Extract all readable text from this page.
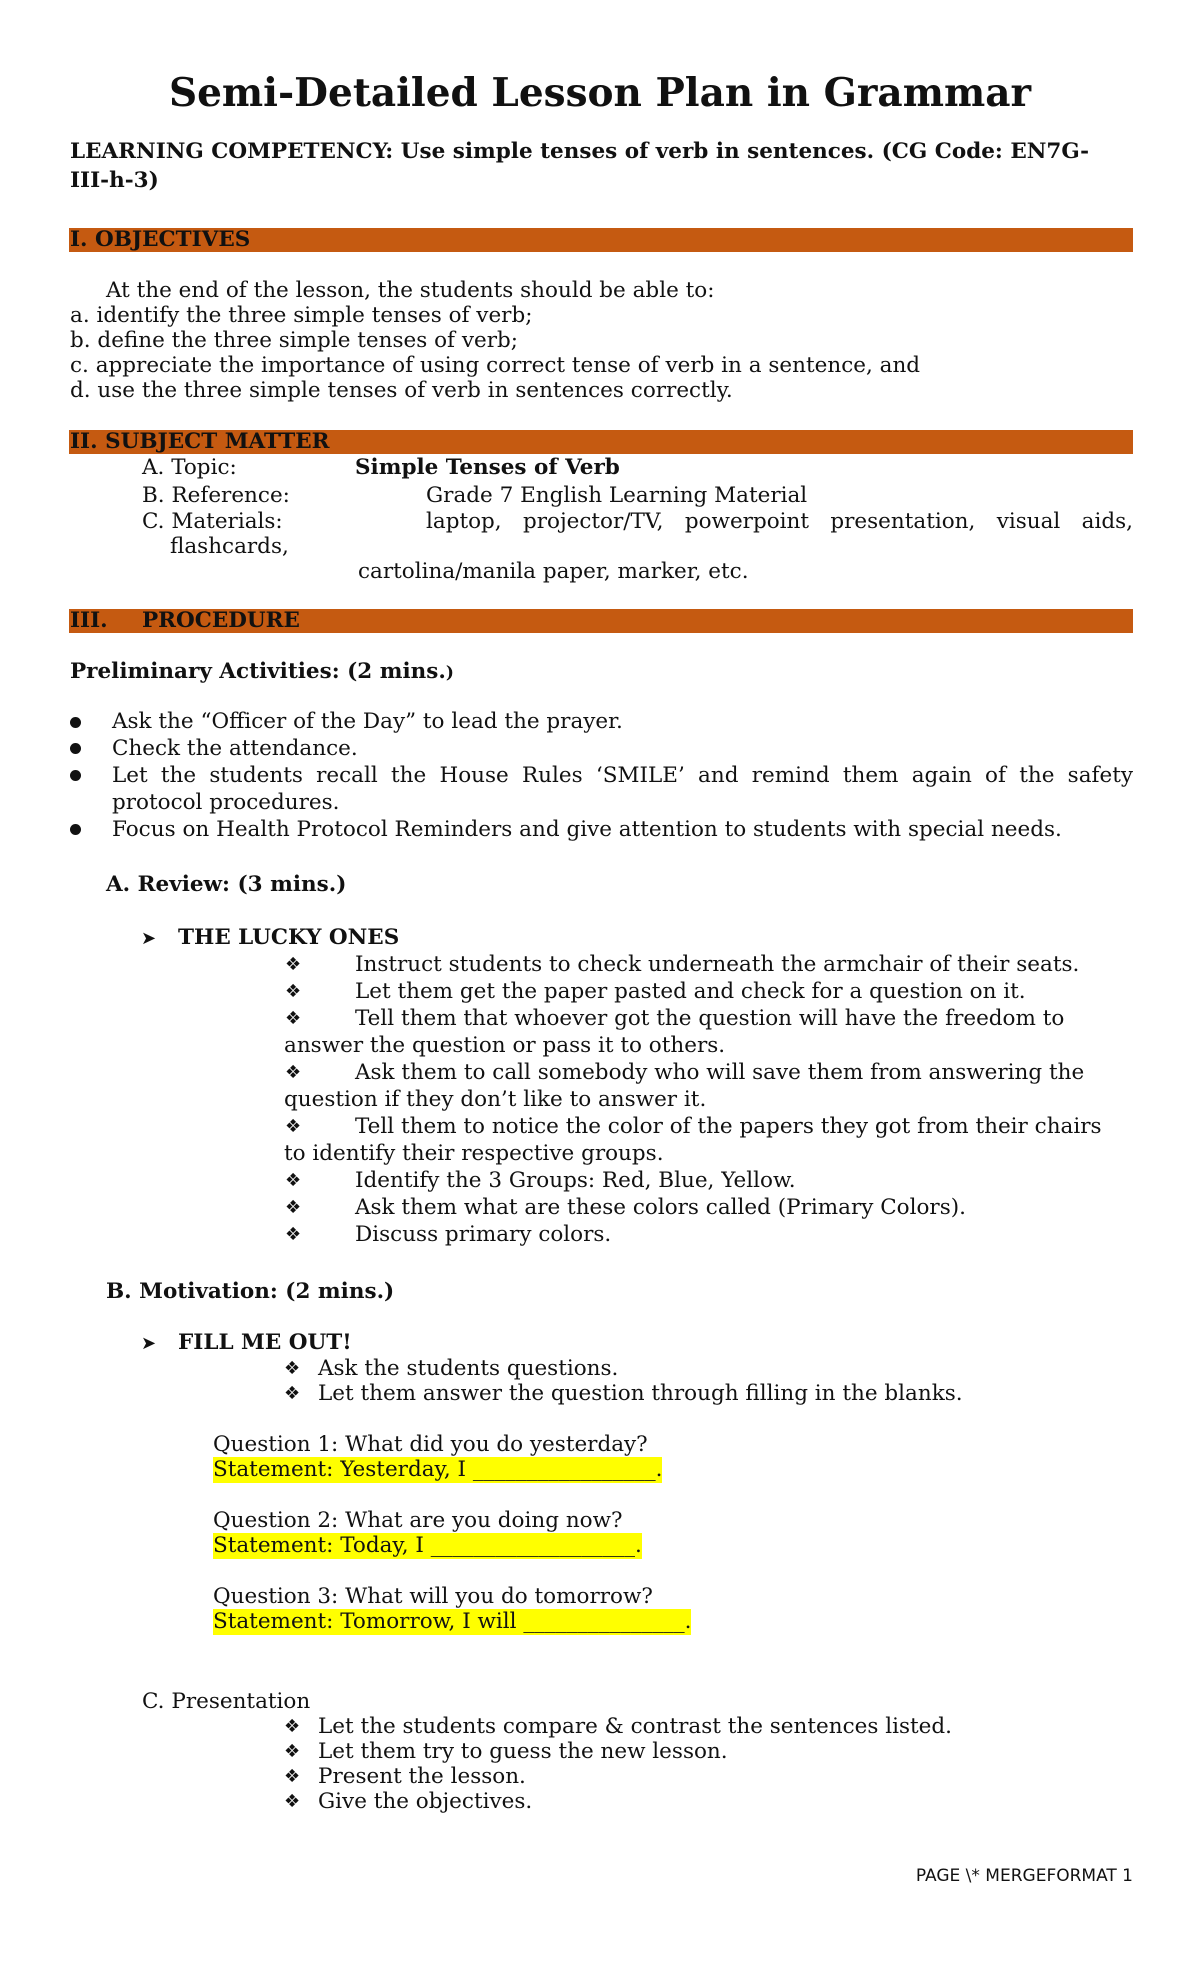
Semi-Detailed Lesson Plan in Grammar
LEARNING COMPETENCY: Use simple tenses of verb in sentences. (CG Code: EN7G-
III-h-3)
I. OBJECTIVES
At the end of the lesson, the students should be able to:
a. identify the three simple tenses of verb;
b. define the three simple tenses of verb;
c. appreciate the importance of using correct tense of verb in a sentence, and
d. use the three simple tenses of verb in sentences correctly.
II. SUBJECT MATTER
A. Topic:	Simple Tenses of Verb
B. Reference:	Grade 7 English Learning Material
C. Materials:	laptop, projector/TV, powerpoint presentation, visual aids,
flashcards,
cartolina/manila paper, marker, etc.
III. PROCEDURE
Preliminary Activities: (2 mins.)
Ask the “Officer of the Day” to lead the prayer.
Check the attendance.
Let the students recall the House Rules ‘SMILE’ and remind them again of the safety
protocol procedures.
Focus on Health Protocol Reminders and give attention to students with special needs.
A. Review: (3 mins.)
➤ THE LUCKY ONES
❖	Instruct students to check underneath the armchair of their seats.
❖	Let them get the paper pasted and check for a question on it.
❖	Tell them that whoever got the question will have the freedom to
answer the question or pass it to others.
❖	Ask them to call somebody who will save them from answering the
question if they don’t like to answer it.
❖	Tell them to notice the color of the papers they got from their chairs
to identify their respective groups.
❖	Identify the 3 Groups: Red, Blue, Yellow.
❖	Ask them what are these colors called (Primary Colors).
❖	Discuss primary colors.
B. Motivation: (2 mins.)
➤ FILL ME OUT!
❖ Ask the students questions.
❖ Let them answer the question through filling in the blanks.
Question 1: What did you do yesterday?
Statement: Yesterday, I _________________.
Question 2: What are you doing now?
Statement: Today, I ___________________.
Question 3: What will you do tomorrow?
Statement: Tomorrow, I will _______________.
C. Presentation
❖ Let the students compare & contrast the sentences listed.
❖ Let them try to guess the new lesson.
❖ Present the lesson.
❖ Give the objectives.
PAGE \* MERGEFORMAT 1
